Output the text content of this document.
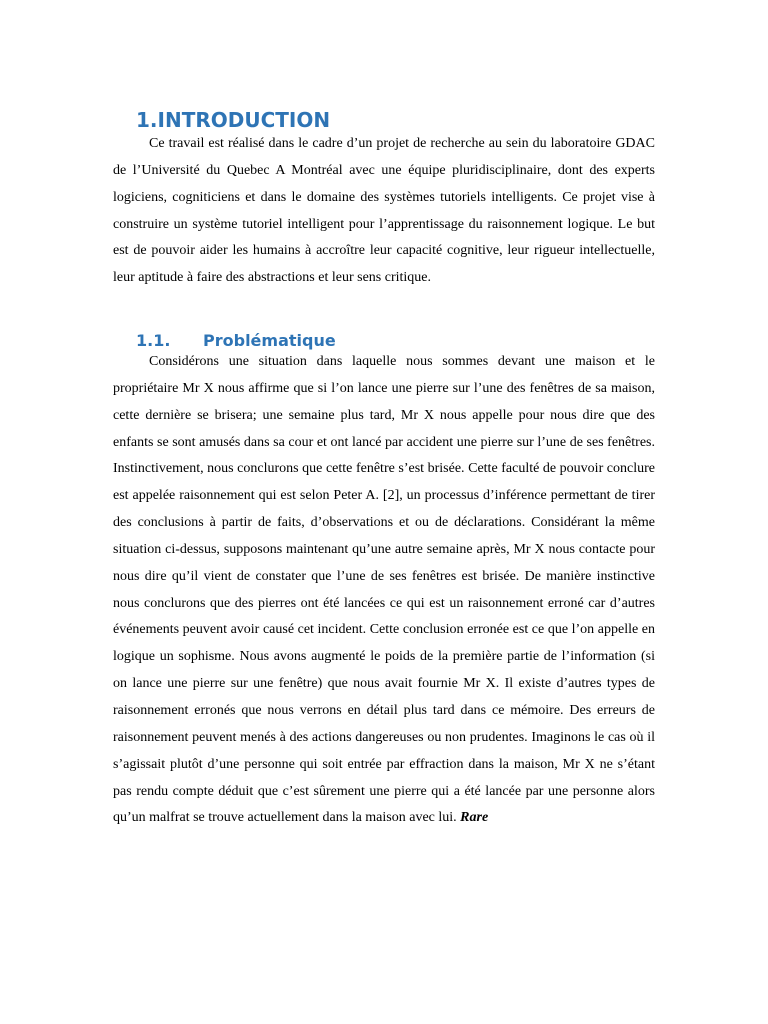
1.INTRODUCTION

Ce travail est réalisé dans le cadre d’un projet de recherche au sein du laboratoire GDAC de l’Université du Quebec A Montréal avec une équipe pluridisciplinaire, dont des experts logiciens, cogniticiens et dans le domaine des systèmes tutoriels intelligents. Ce projet vise à construire un système tutoriel intelligent pour l’apprentissage du raisonnement logique. Le but est de pouvoir aider les humains à accroître leur capacité cognitive, leur rigueur intellectuelle, leur aptitude à faire des abstractions et leur sens critique.

1.1. Problématique

Considérons une situation dans laquelle nous sommes devant une maison et le propriétaire Mr X nous affirme que si l’on lance une pierre sur l’une des fenêtres de sa maison, cette dernière se brisera; une semaine plus tard, Mr X nous appelle pour nous dire que des enfants se sont amusés dans sa cour et ont lancé par accident une pierre sur l’une de ses fenêtres. Instinctivement, nous conclurons que cette fenêtre s’est brisée. Cette faculté de pouvoir conclure est appelée raisonnement qui est selon Peter A. [2], un processus d’inférence permettant de tirer des conclusions à partir de faits, d’observations et ou de déclarations. Considérant la même situation ci-dessus, supposons maintenant qu’une autre semaine après, Mr X nous contacte pour nous dire qu’il vient de constater que l’une de ses fenêtres est brisée. De manière instinctive nous conclurons que des pierres ont été lancées ce qui est un raisonnement erroné car d’autres événements peuvent avoir causé cet incident. Cette conclusion erronée est ce que l’on appelle en logique un sophisme. Nous avons augmenté le poids de la première partie de l’information (si on lance une pierre sur une fenêtre) que nous avait fournie Mr X. Il existe d’autres types de raisonnement erronés que nous verrons en détail plus tard dans ce mémoire. Des erreurs de raisonnement peuvent menés à des actions dangereuses ou non prudentes. Imaginons le cas où il s’agissait plutôt d’une personne qui soit entrée par effraction dans la maison, Mr X ne s’étant pas rendu compte déduit que c’est sûrement une pierre qui a été lancée par une personne alors qu’un malfrat se trouve actuellement dans la maison avec lui. Rare
